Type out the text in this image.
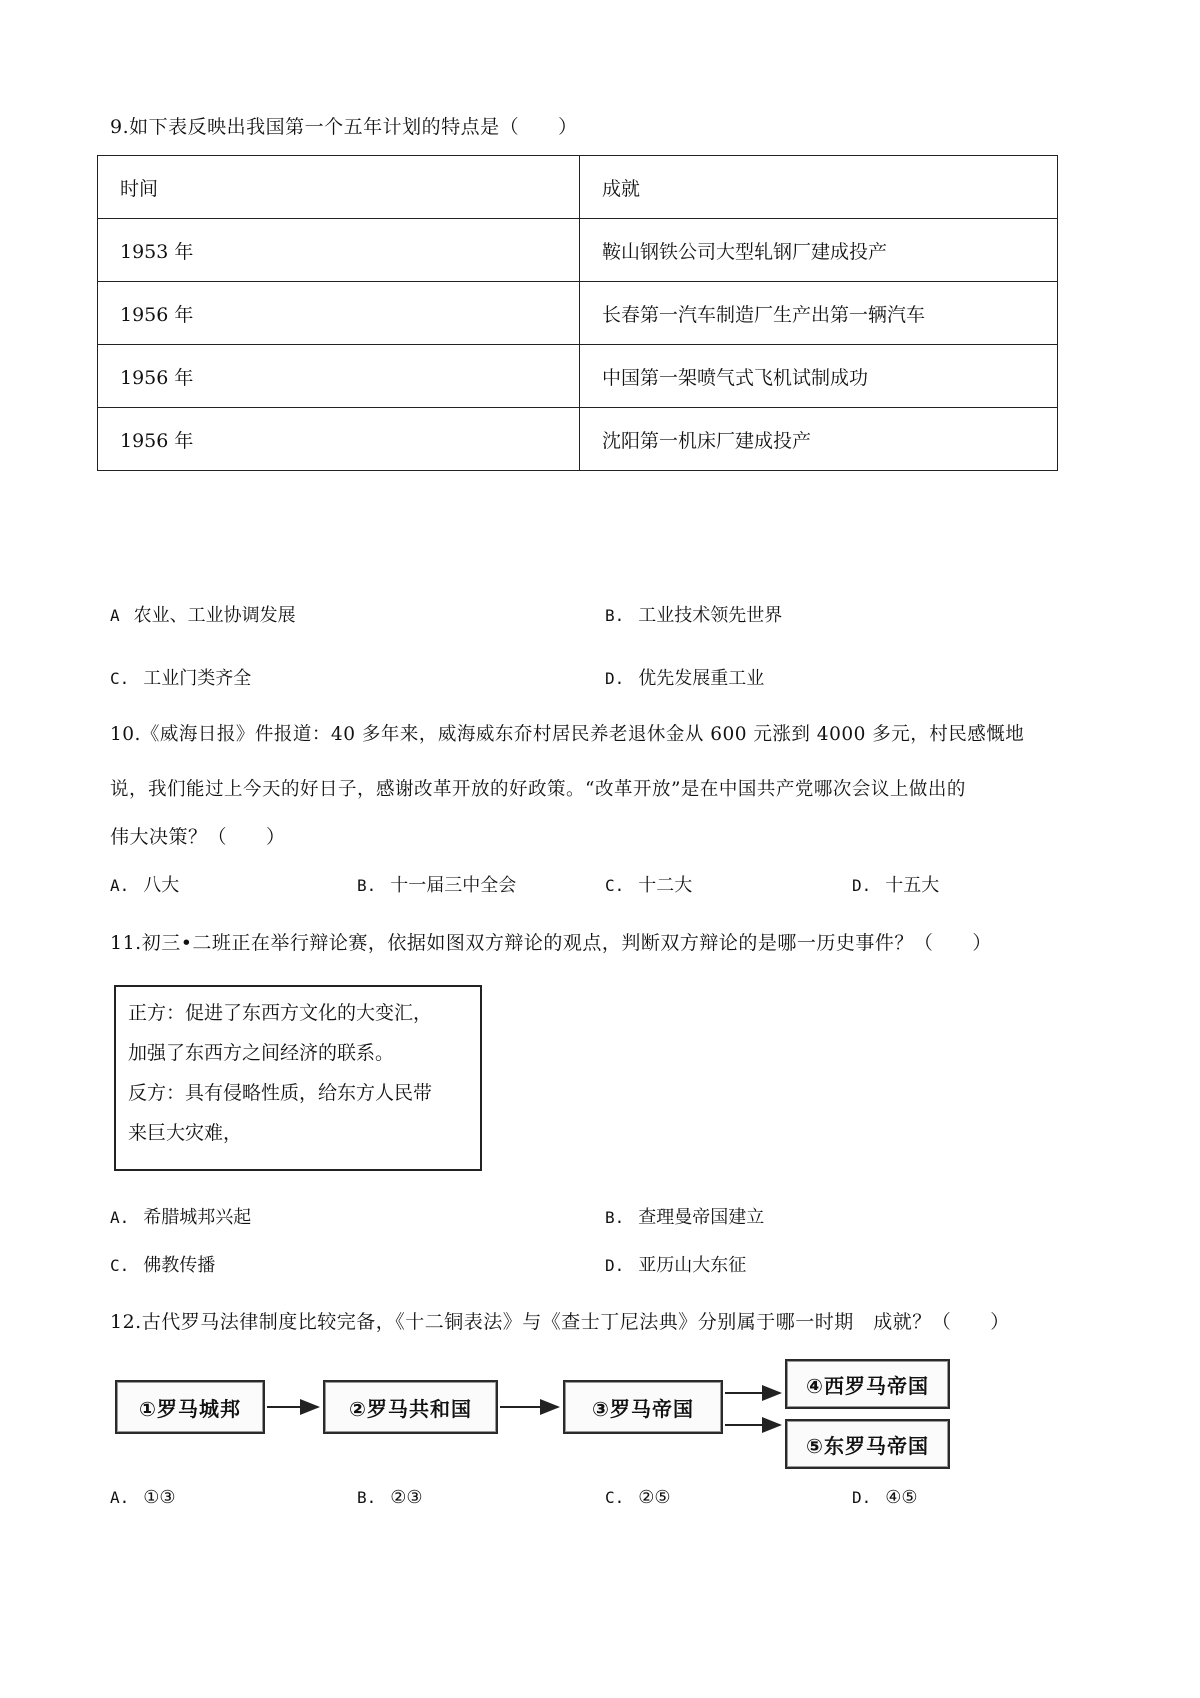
9.如下表反映出我国第一个五年计划的特点是（　　）
时间	成就
1953 年	鞍山钢铁公司大型轧钢厂建成投产
1956 年	长春第一汽车制造厂生产出第一辆汽车
1956 年	中国第一架喷气式飞机试制成功
1956 年	沈阳第一机床厂建成投产
A 农业、工业协调发展	B. 工业技术领先世界
C. 工业门类齐全	D. 优先发展重工业
10.《威海日报》件报道：40 多年来，威海威东夼村居民养老退休金从 600 元涨到 4000 多元，村民感慨地
说，我们能过上今天的好日子，感谢改革开放的好政策。“改革开放”是在中国共产党哪次会议上做出的
伟大决策？（　　）
A. 八大	B. 十一届三中全会	C. 十二大	D. 十五大
11.初三•二班正在举行辩论赛，依据如图双方辩论的观点，判断双方辩论的是哪一历史事件？（　　）
正方：促进了东西方文化的大变汇，
加强了东西方之间经济的联系。
反方：具有侵略性质，给东方人民带
来巨大灾难，
A. 希腊城邦兴起	B. 查理曼帝国建立
C. 佛教传播	D. 亚历山大东征
12.古代罗马法律制度比较完备，《十二铜表法》与《查士丁尼法典》分别属于哪一时期　成就？（　　）
①罗马城邦	②罗马共和国	③罗马帝国
④西罗马帝国
⑤东罗马帝国
A. ①③	B. ②③	C. ②⑤	D. ④⑤
